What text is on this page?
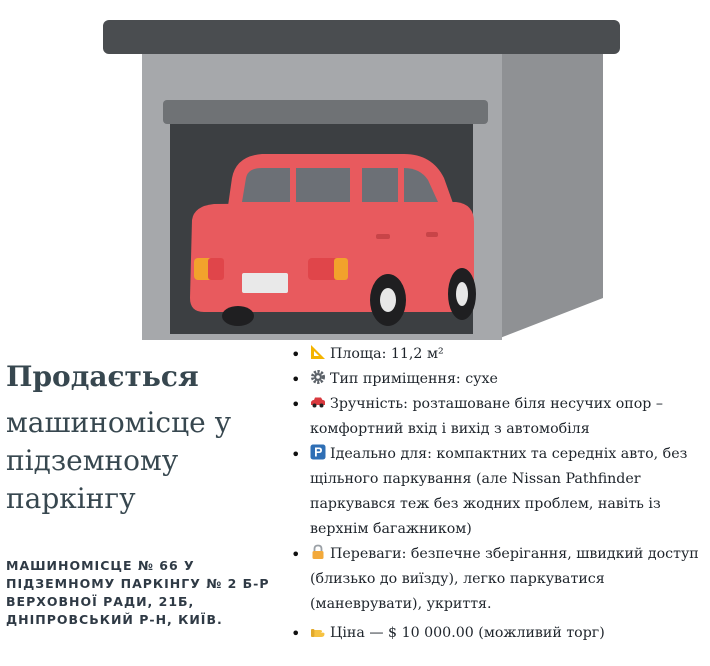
Продається

машиномісце у підземному паркінгу

МАШИНОМІСЦЕ № 66 У ПІДЗЕМНОМУ ПАРКІНГУ № 2 Б-Р ВЕРХОВНОЇ РАДИ, 21Б, ДНІПРОВСЬКИЙ Р-Н, КИЇВ.

• Площа: 11,2 м²
• Тип приміщення: сухе
• Зручність: розташоване біля несучих опор – комфортний вхід і вихід з автомобіля
• Ідеально для: компактних та середніх авто, без щільного паркування (але Nissan Pathfinder паркувався теж без жодних проблем, навіть із верхнім багажником)
• Переваги: безпечне зберігання, швидкий доступ (близько до виїзду), легко паркуватися (маневрувати), укриття.
• Ціна — $ 10 000.00 (можливий торг)
